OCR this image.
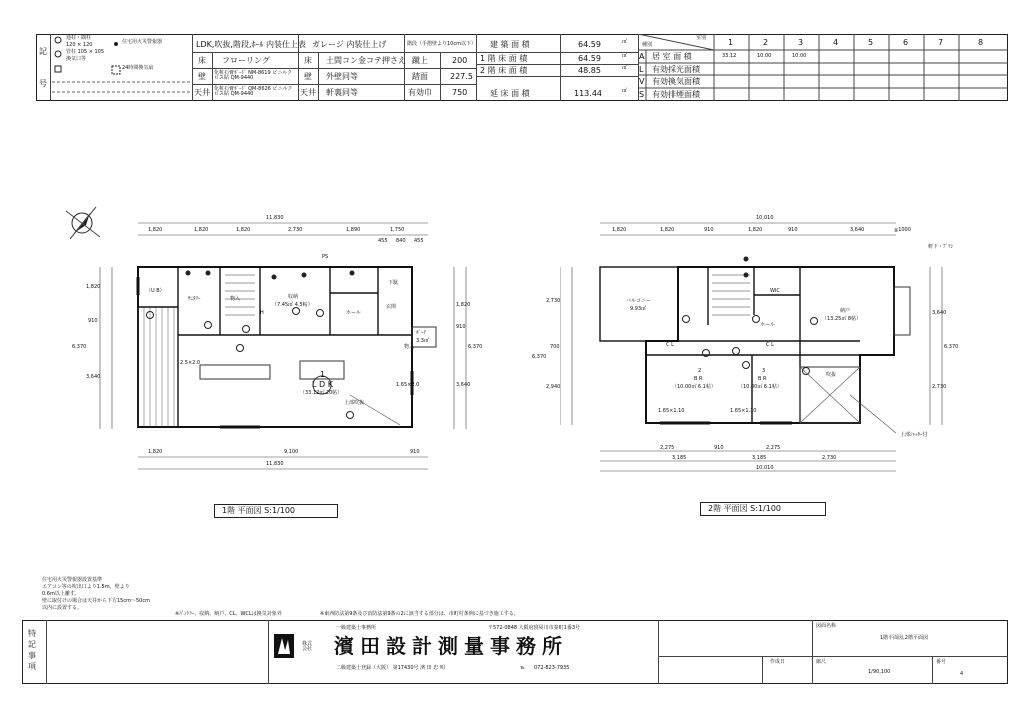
記
号
通柱・隅柱
120 × 120
管柱 105 × 105
換気口等
住宅用火災警報器
24時間換気扇
LDK,吹抜,階段,ﾎｰﾙ 内装仕上表 ガレージ 内装仕上げ
床 フローリング	床 土間コン金コテ押さえ
壁 化粧石膏ﾎﾞｰﾄﾞ NM-8619 ビニルクロス貼 QM-9440	壁 外壁同等
天井 化粧石膏ﾎﾞｰﾄﾞ QM-8626 ビニルクロス貼 QM-9440	天井 軒裏同等
階段（手摺壁より10cm以下）
蹴上	200
踏面	227.5
有効巾	750
建 築 面 積	64.59	㎡
1 階 床 面 積	64.59	㎡
2 階 床 面 積	48.85	㎡
延 床 面 積	113.44	㎡
室別
種別	1	2	3	4	5	6	7	8
A 居 室 面 積	33.12	10.00	10.00
L 有効採光面積
V 有効換気面積
S 有効排煙面積
11,830
1,820	1,820	1,820	2,730	1,890	1,750
455 840 455
1,820	9,100	910
11,830
1,820
910
3,640
6,370
1,820
910
3,640
6,370
（U B）
ｻﾆﾀﾘｰ	物入	収納
（7.45㎡ 4.5帖）
ホール
玄関
下駄
PS
H
1
L D K
（33.12㎡ 20帖）
上部吹抜
物入
ﾎﾟｰﾁ
3.3㎡
2.5×2.0
1.65×2.0
1階 平面図 S:1/100
10,010
1,820	1,820	910	1,820	910	3,640	≦1000
2,275	910	2,275
3,185	3,185	2,730
10,010
2,730
700
2,940
6,370
3,640
2,730
6,370
バルコニー
9.93㎡
WIC
納戸
（13.25㎡ 8帖）
ホール
C L	C L
2
B R
（10.00㎡ 6.1帖）
3
B R
（10.00㎡ 6.1帖）
吹抜
1.65×1.10	1.65×1.10
上部ｼｬｯﾀｰ付
軒下・ﾌﾟﾗﾝ
2階 平面図 S:1/100
住宅用火災警報器設置基準
エアコン等の吹出口より1.5m、壁より
0.6m以上離す。
壁に取付けの場合は天井から下方15cm〜50cm
以内に設置する。
※ﾊﾟﾝﾄﾘｰ、収納、納戸、CL、WCLは換気対象外	※東西防法第9条及び消防法第9条の2に該当する部分は、市町村条例に基づき施工する。
特記事項
一級建築士事務所	〒572-0848 大阪府寝屋川市秦町1番3号
株式
会社 濱田設計測量事務所
二級建築士登録（大阪） 第17430号 濱 田 忠 明	℡ 072-823-7935
図面名称
1階平面図,2階平面図
作成日	縮尺
1/90,100
番号
4
